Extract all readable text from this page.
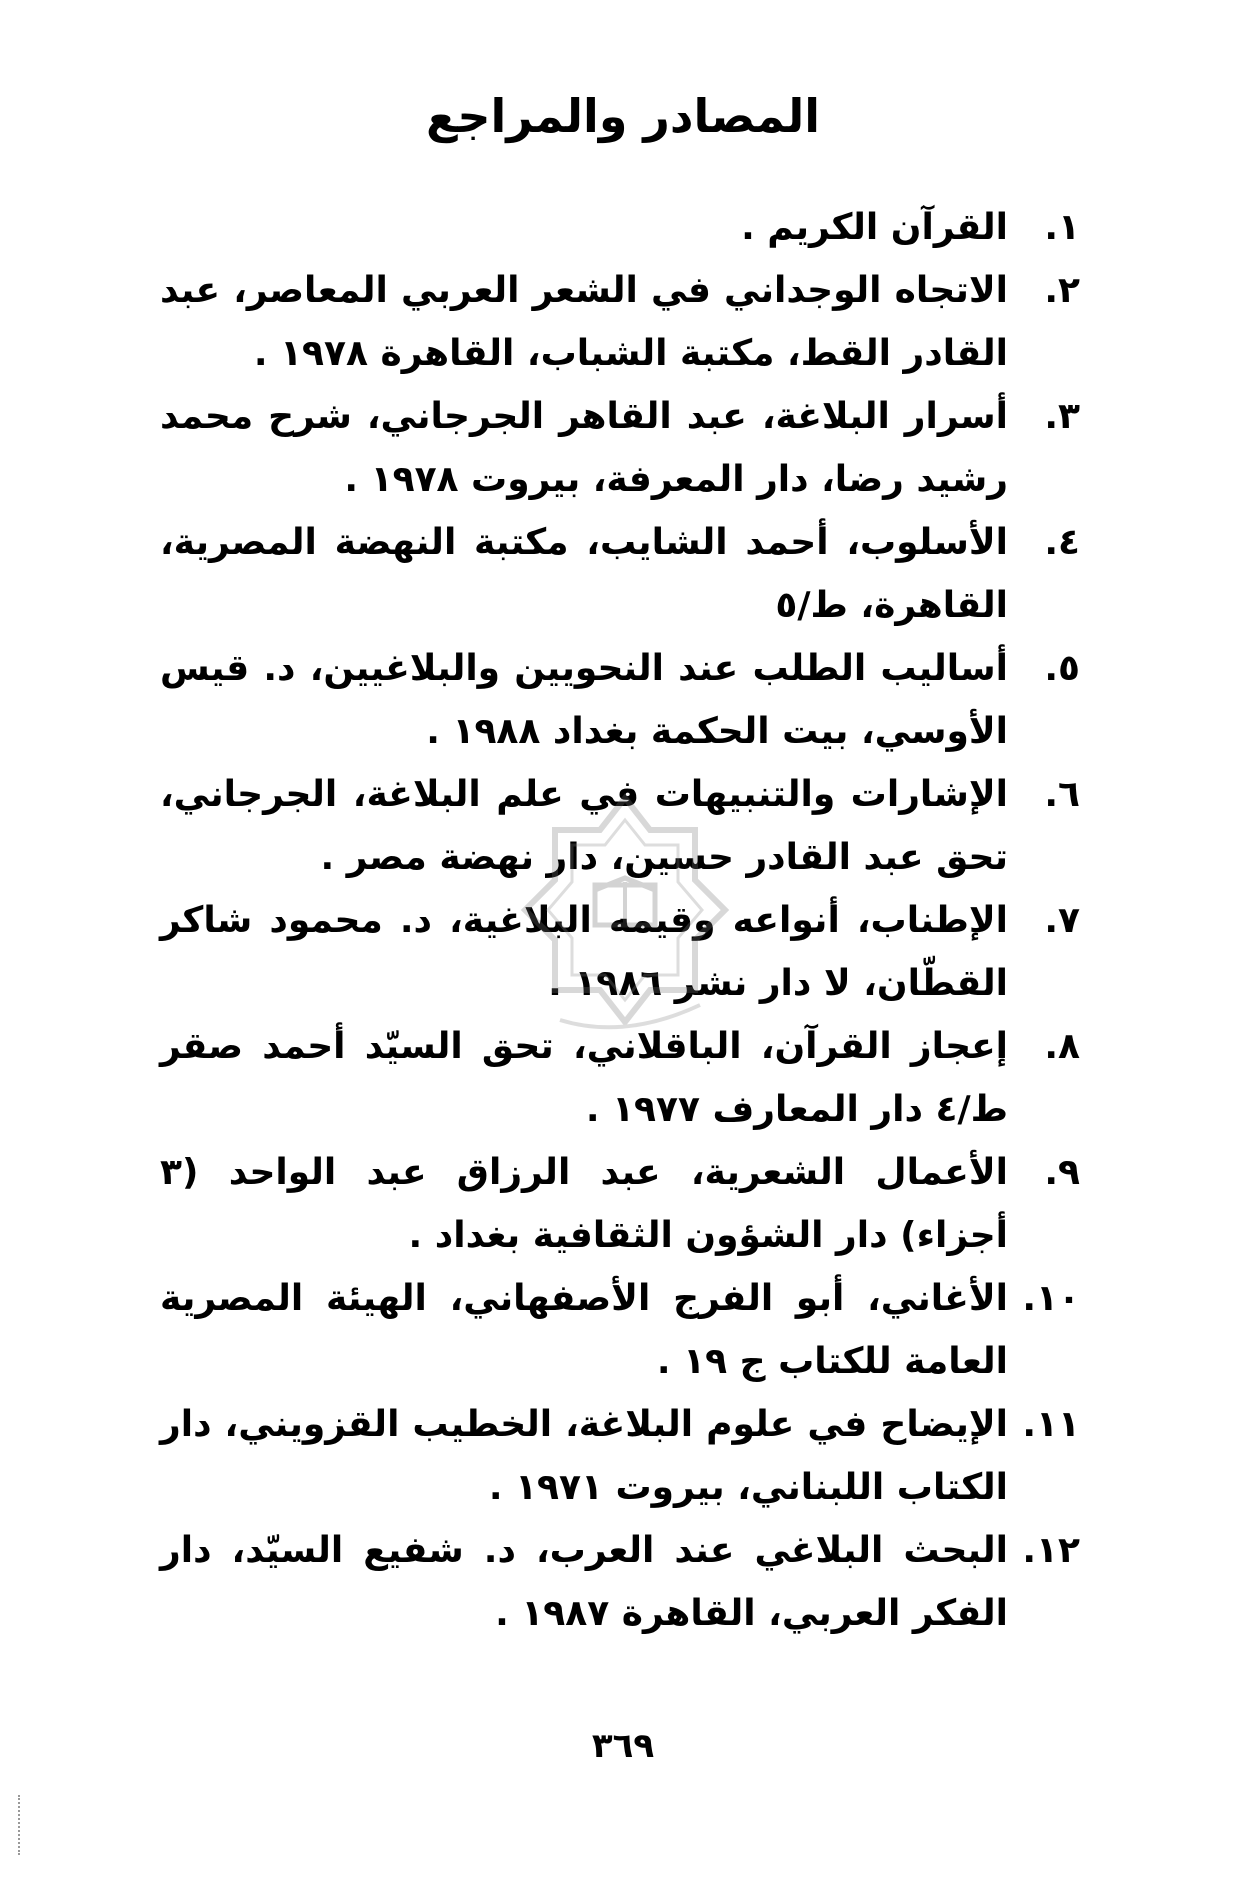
المصادر والمراجع
١.
القرآن الكريم .
٢.
الاتجاه الوجداني في الشعر العربي المعاصر، عبد القادر القط، مكتبة الشباب، القاهرة ١٩٧٨ .
٣.
أسرار البلاغة، عبد القاهر الجرجاني، شرح محمد رشيد رضا، دار المعرفة، بيروت ١٩٧٨ .
٤.
الأسلوب، أحمد الشايب، مكتبة النهضة المصرية، القاهرة، ط/٥
٥.
أساليب الطلب عند النحويين والبلاغيين، د. قيس الأوسي، بيت الحكمة بغداد ١٩٨٨ .
٦.
الإشارات والتنبيهات في علم البلاغة، الجرجاني، تحق عبد القادر حسين، دار نهضة مصر .
٧.
الإطناب، أنواعه وقيمه البلاغية، د. محمود شاكر القطّان، لا دار نشر ١٩٨٦ .
٨.
إعجاز القرآن، الباقلاني، تحق السيّد أحمد صقر ط/٤ دار المعارف ١٩٧٧ .
٩.
الأعمال الشعرية، عبد الرزاق عبد الواحد (٣ أجزاء) دار الشؤون الثقافية بغداد .
١٠.
الأغاني، أبو الفرج الأصفهاني، الهيئة المصرية العامة للكتاب ج ١٩ .
١١.
الإيضاح في علوم البلاغة، الخطيب القزويني، دار الكتاب اللبناني، بيروت ١٩٧١ .
١٢.
البحث البلاغي عند العرب، د. شفيع السيّد، دار الفكر العربي، القاهرة ١٩٨٧ .
٣٦٩
